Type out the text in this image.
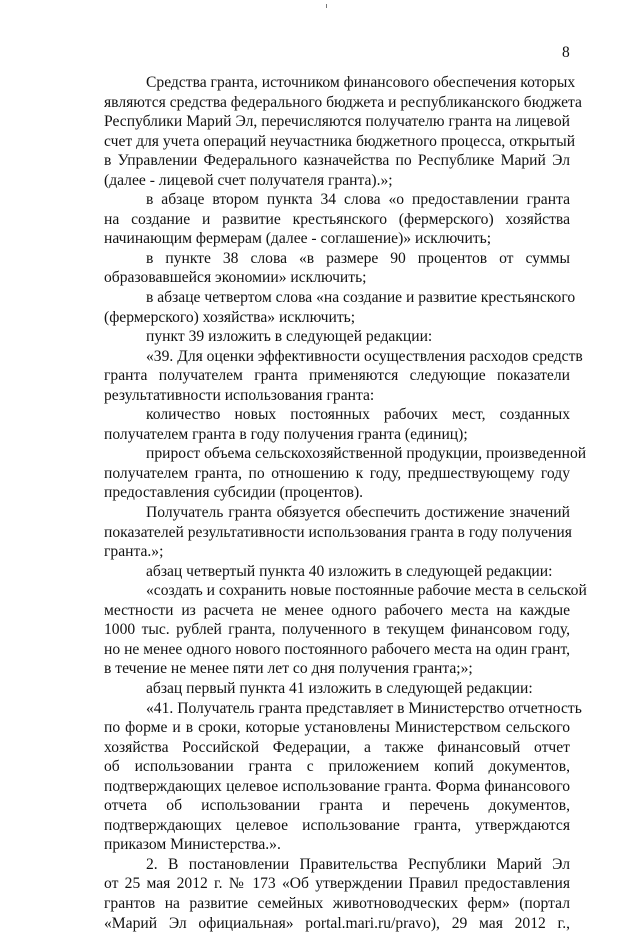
8
Средства гранта, источником финансового обеспечения которых
являются средства федерального бюджета и республиканского бюджета
Республики Марий Эл, перечисляются получателю гранта на лицевой
счет для учета операций неучастника бюджетного процесса, открытый
в Управлении Федерального казначейства по Республике Марий Эл
(далее - лицевой счет получателя гранта).»;
в абзаце втором пункта 34 слова «о предоставлении гранта
на создание и развитие крестьянского (фермерского) хозяйства
начинающим фермерам (далее - соглашение)» исключить;
в пункте 38 слова «в размере 90 процентов от суммы
образовавшейся экономии» исключить;
в абзаце четвертом слова «на создание и развитие крестьянского
(фермерского) хозяйства» исключить;
пункт 39 изложить в следующей редакции:
«39. Для оценки эффективности осуществления расходов средств
гранта получателем гранта применяются следующие показатели
результативности использования гранта:
количество новых постоянных рабочих мест, созданных
получателем гранта в году получения гранта (единиц);
прирост объема сельскохозяйственной продукции, произведенной
получателем гранта, по отношению к году, предшествующему году
предоставления субсидии (процентов).
Получатель гранта обязуется обеспечить достижение значений
показателей результативности использования гранта в году получения
гранта.»;
абзац четвертый пункта 40 изложить в следующей редакции:
«создать и сохранить новые постоянные рабочие места в сельской
местности из расчета не менее одного рабочего места на каждые
1000 тыс. рублей гранта, полученного в текущем финансовом году,
но не менее одного нового постоянного рабочего места на один грант,
в течение не менее пяти лет со дня получения гранта;»;
абзац первый пункта 41 изложить в следующей редакции:
«41. Получатель гранта представляет в Министерство отчетность
по форме и в сроки, которые установлены Министерством сельского
хозяйства Российской Федерации, а также финансовый отчет
об использовании гранта с приложением копий документов,
подтверждающих целевое использование гранта. Форма финансового
отчета об использовании гранта и перечень документов,
подтверждающих целевое использование гранта, утверждаются
приказом Министерства.».
2. В постановлении Правительства Республики Марий Эл
от 25 мая 2012 г. № 173 «Об утверждении Правил предоставления
грантов на развитие семейных животноводческих ферм» (портал
«Марий Эл официальная» portal.mari.ru/pravo), 29 мая 2012 г.,
